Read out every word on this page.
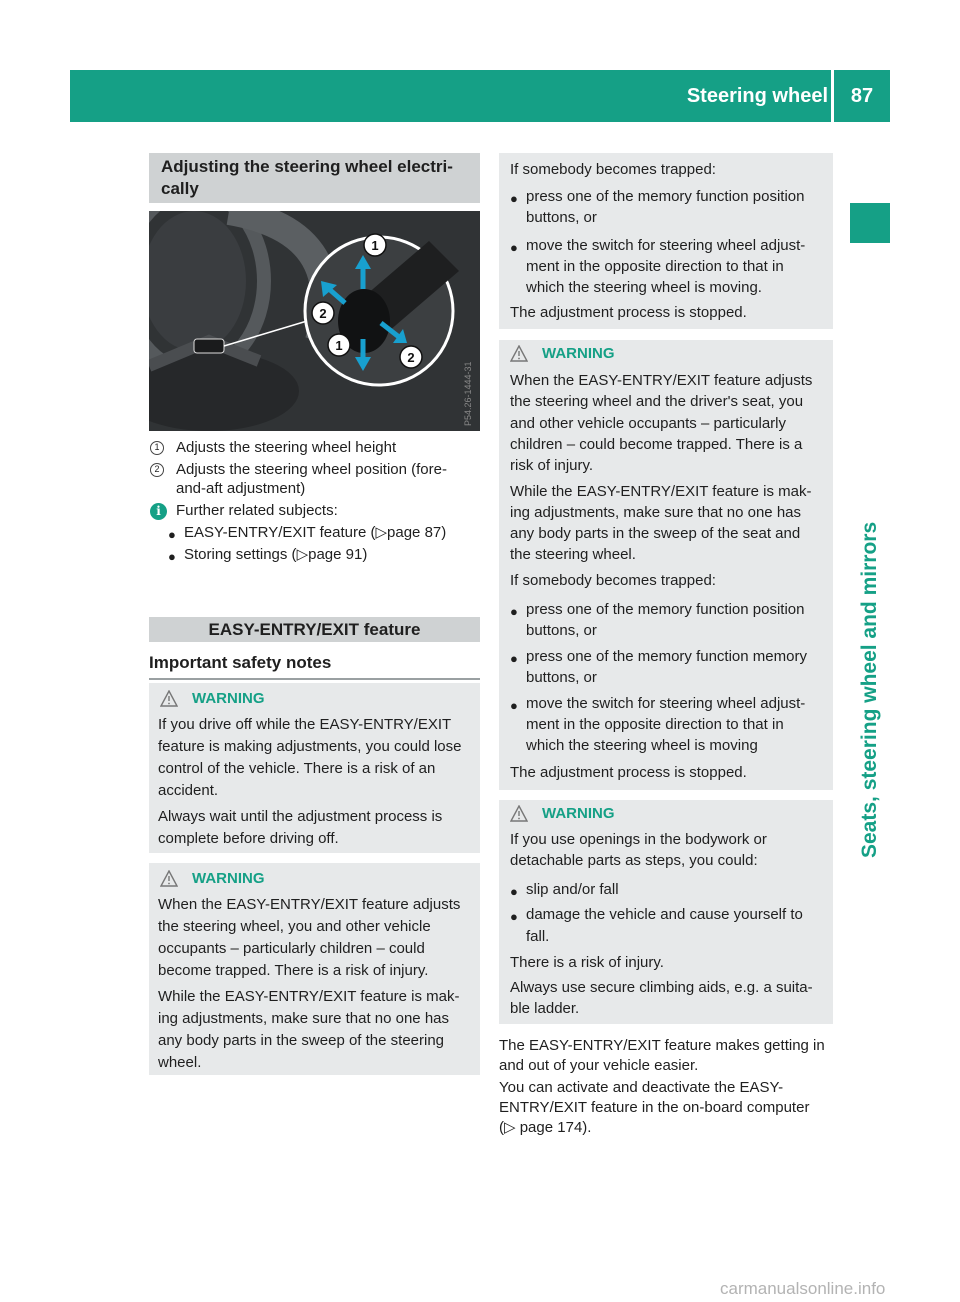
Steering wheel	87
Seats, steering wheel and mirrors
Adjusting the steering wheel electri-
cally
1
2
1
2
P54.26-1444-31
1	Adjusts the steering wheel height
2	Adjusts the steering wheel position (fore-
and-aft adjustment)
i	Further related subjects:
● EASY-ENTRY/EXIT feature (▷page 87)
● Storing settings (▷page 91)
EASY-ENTRY/EXIT feature
Important safety notes
WARNING
If you drive off while the EASY-ENTRY/EXIT
feature is making adjustments, you could lose
control of the vehicle. There is a risk of an
accident.
Always wait until the adjustment process is
complete before driving off.
WARNING
When the EASY-ENTRY/EXIT feature adjusts
the steering wheel, you and other vehicle
occupants – particularly children – could
become trapped. There is a risk of injury.
While the EASY-ENTRY/EXIT feature is mak-
ing adjustments, make sure that no one has
any body parts in the sweep of the steering
wheel.
If somebody becomes trapped:
● press one of the memory function position
buttons, or
● move the switch for steering wheel adjust-
ment in the opposite direction to that in
which the steering wheel is moving.
The adjustment process is stopped.
WARNING
When the EASY-ENTRY/EXIT feature adjusts
the steering wheel and the driver's seat, you
and other vehicle occupants – particularly
children – could become trapped. There is a
risk of injury.
While the EASY-ENTRY/EXIT feature is mak-
ing adjustments, make sure that no one has
any body parts in the sweep of the seat and
the steering wheel.
If somebody becomes trapped:
● press one of the memory function position
buttons, or
● press one of the memory function memory
buttons, or
● move the switch for steering wheel adjust-
ment in the opposite direction to that in
which the steering wheel is moving
The adjustment process is stopped.
WARNING
If you use openings in the bodywork or
detachable parts as steps, you could:
● slip and/or fall
● damage the vehicle and cause yourself to
fall.
There is a risk of injury.
Always use secure climbing aids, e.g. a suita-
ble ladder.
The EASY-ENTRY/EXIT feature makes getting in
and out of your vehicle easier.
You can activate and deactivate the EASY-
ENTRY/EXIT feature in the on-board computer
(▷ page 174).
carmanualsonline.info
